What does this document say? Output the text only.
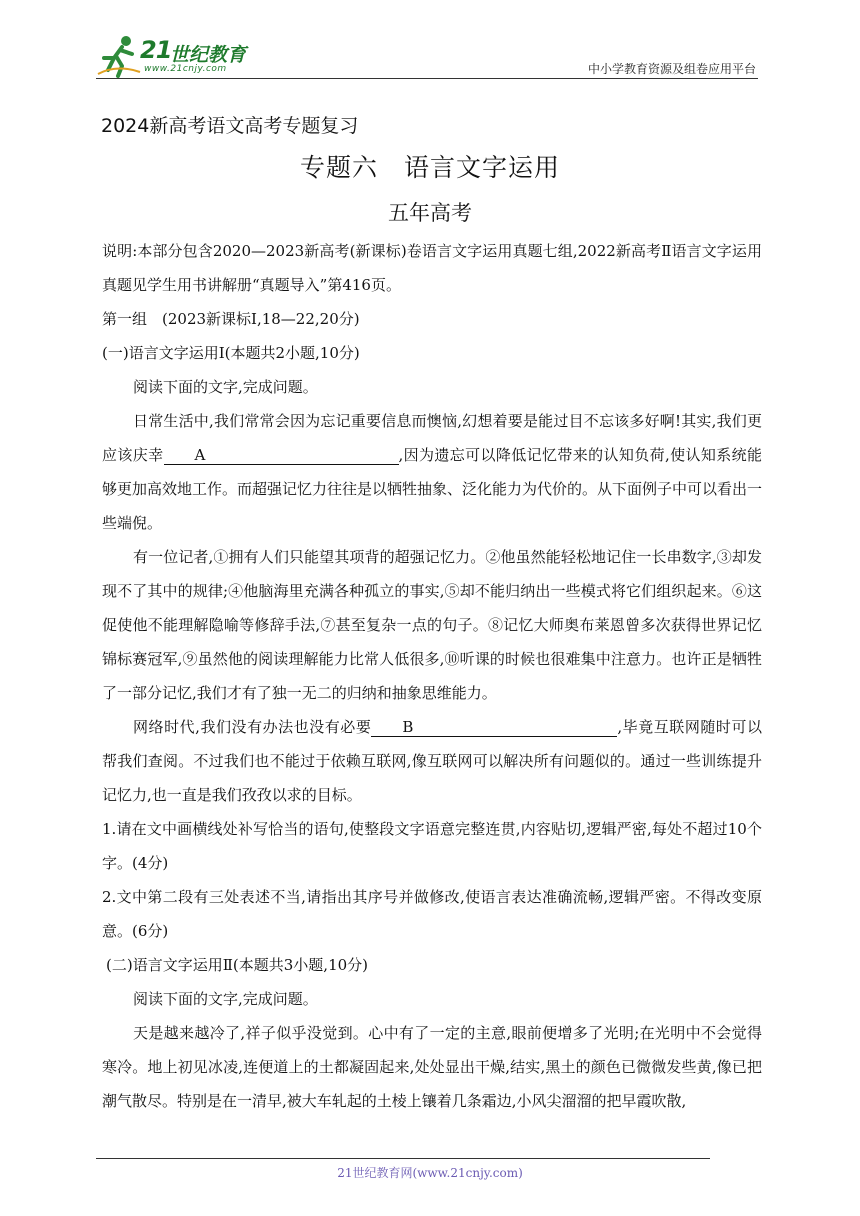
21
世纪教育
www.21cnjy.com	中小学教育资源及组卷应用平台
2024新高考语文高考专题复习
专题六　语言文字运用
五年高考

说明:本部分包含2020—2023新高考(新课标)卷语言文字运用真题七组,2022新高考Ⅱ语言文字运用真题见学生用书讲解册“真题导入”第416页。

第一组　(2023新课标Ⅰ,18—22,20分)

(一)语言文字运用Ⅰ(本题共2小题,10分)

阅读下面的文字,完成问题。

日常生活中,我们常常会因为忘记重要信息而懊恼,幻想着要是能过目不忘该多好啊!其实,我们更应该庆幸 A	,因为遗忘可以降低记忆带来的认知负荷,使认知系统能够更加高效地工作。而超强记忆力往往是以牺牲抽象、泛化能力为代价的。从下面例子中可以看出一些端倪。

有一位记者,①拥有人们只能望其项背的超强记忆力。②他虽然能轻松地记住一长串数字,③却发现不了其中的规律;④他脑海里充满各种孤立的事实,⑤却不能归纳出一些模式将它们组织起来。⑥这促使他不能理解隐喻等修辞手法,⑦甚至复杂一点的句子。⑧记忆大师奥布莱恩曾多次获得世界记忆锦标赛冠军,⑨虽然他的阅读理解能力比常人低很多,⑩听课的时候也很难集中注意力。也许正是牺牲了一部分记忆,我们才有了独一无二的归纳和抽象思维能力。

网络时代,我们没有办法也没有必要 B	,毕竟互联网随时可以帮我们查阅。不过我们也不能过于依赖互联网,像互联网可以解决所有问题似的。通过一些训练提升记忆力,也一直是我们孜孜以求的目标。

1.请在文中画横线处补写恰当的语句,使整段文字语意完整连贯,内容贴切,逻辑严密,每处不超过10个字。(4分)

2.文中第二段有三处表述不当,请指出其序号并做修改,使语言表达准确流畅,逻辑严密。不得改变原意。(6分)

(二)语言文字运用Ⅱ(本题共3小题,10分)

阅读下面的文字,完成问题。

天是越来越冷了,祥子似乎没觉到。心中有了一定的主意,眼前便增多了光明;在光明中不会觉得寒冷。地上初见冰凌,连便道上的土都凝固起来,处处显出干燥,结实,黑土的颜色已微微发些黄,像已把潮气散尽。特别是在一清早,被大车轧起的土棱上镶着几条霜边,小风尖溜溜的把早霞吹散,

21世纪教育网(www.21cnjy.com)
